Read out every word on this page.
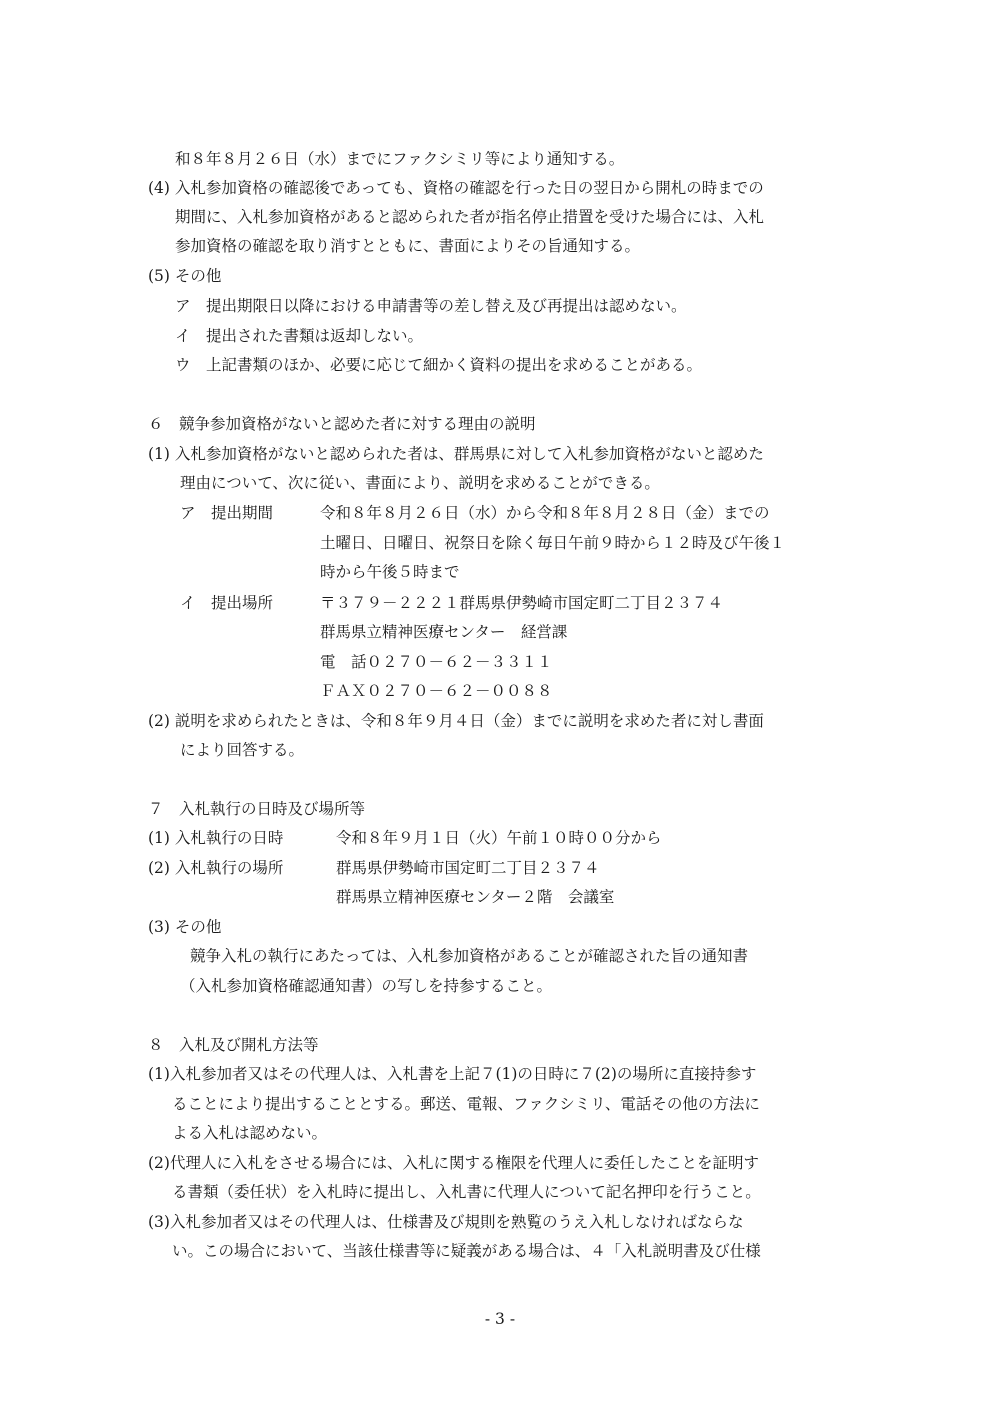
和８年８月２６日（水）までにファクシミリ等により通知する。
(4) 入札参加資格の確認後であっても、資格の確認を行った日の翌日から開札の時までの
期間に、入札参加資格があると認められた者が指名停止措置を受けた場合には、入札
参加資格の確認を取り消すとともに、書面によりその旨通知する。
(5) その他
ア　提出期限日以降における申請書等の差し替え及び再提出は認めない。
イ　提出された書類は返却しない。
ウ　上記書類のほか、必要に応じて細かく資料の提出を求めることがある。
６　競争参加資格がないと認めた者に対する理由の説明
(1) 入札参加資格がないと認められた者は、群馬県に対して入札参加資格がないと認めた
理由について、次に従い、書面により、説明を求めることができる。
ア　提出期間	令和８年８月２６日（水）から令和８年８月２８日（金）までの
土曜日、日曜日、祝祭日を除く毎日午前９時から１２時及び午後１
時から午後５時まで
イ　提出場所	〒３７９－２２２１群馬県伊勢崎市国定町二丁目２３７４
群馬県立精神医療センター　経営課
電　話０２７０－６２－３３１１
ＦＡＸ０２７０－６２－００８８
(2) 説明を求められたときは、令和８年９月４日（金）までに説明を求めた者に対し書面
により回答する。
７　入札執行の日時及び場所等
(1) 入札執行の日時	令和８年９月１日（火）午前１０時００分から
(2) 入札執行の場所	群馬県伊勢崎市国定町二丁目２３７４
群馬県立精神医療センター２階　会議室
(3) その他
競争入札の執行にあたっては、入札参加資格があることが確認された旨の通知書
（入札参加資格確認通知書）の写しを持参すること。
８　入札及び開札方法等
(1)入札参加者又はその代理人は、入札書を上記７(1)の日時に７(2)の場所に直接持参す
ることにより提出することとする。郵送、電報、ファクシミリ、電話その他の方法に
よる入札は認めない。
(2)代理人に入札をさせる場合には、入札に関する権限を代理人に委任したことを証明す
る書類（委任状）を入札時に提出し、入札書に代理人について記名押印を行うこと。
(3)入札参加者又はその代理人は、仕様書及び規則を熟覧のうえ入札しなければならな
い。この場合において、当該仕様書等に疑義がある場合は、４「入札説明書及び仕様
- 3 -
